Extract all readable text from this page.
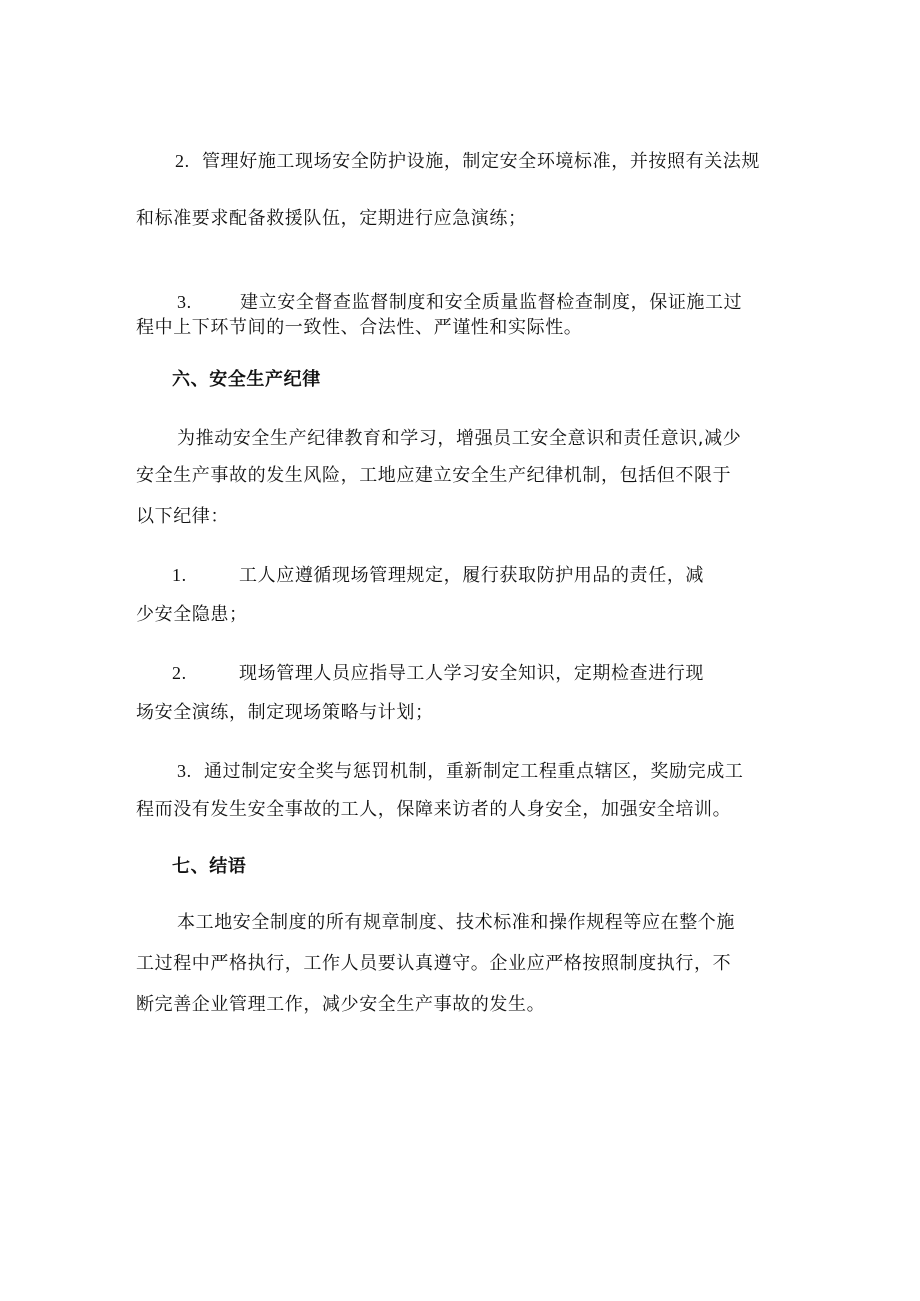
2. 管理好施工现场安全防护设施，制定安全环境标准，并按照有关法规
和标准要求配备救援队伍，定期进行应急演练；
3.	建立安全督查监督制度和安全质量监督检查制度，保证施工过
程中上下环节间的一致性、合法性、严谨性和实际性。
六、安全生产纪律
为推动安全生产纪律教育和学习，增强员工安全意识和责任意识,减少
安全生产事故的发生风险，工地应建立安全生产纪律机制，包括但不限于
以下纪律：
1.	工人应遵循现场管理规定，履行获取防护用品的责任，减
少安全隐患；
2.	现场管理人员应指导工人学习安全知识，定期检查进行现
场安全演练，制定现场策略与计划；
3. 通过制定安全奖与惩罚机制，重新制定工程重点辖区，奖励完成工
程而没有发生安全事故的工人，保障来访者的人身安全，加强安全培训。
七、结语
本工地安全制度的所有规章制度、技术标准和操作规程等应在整个施
工过程中严格执行，工作人员要认真遵守。企业应严格按照制度执行，不
断完善企业管理工作，减少安全生产事故的发生。
